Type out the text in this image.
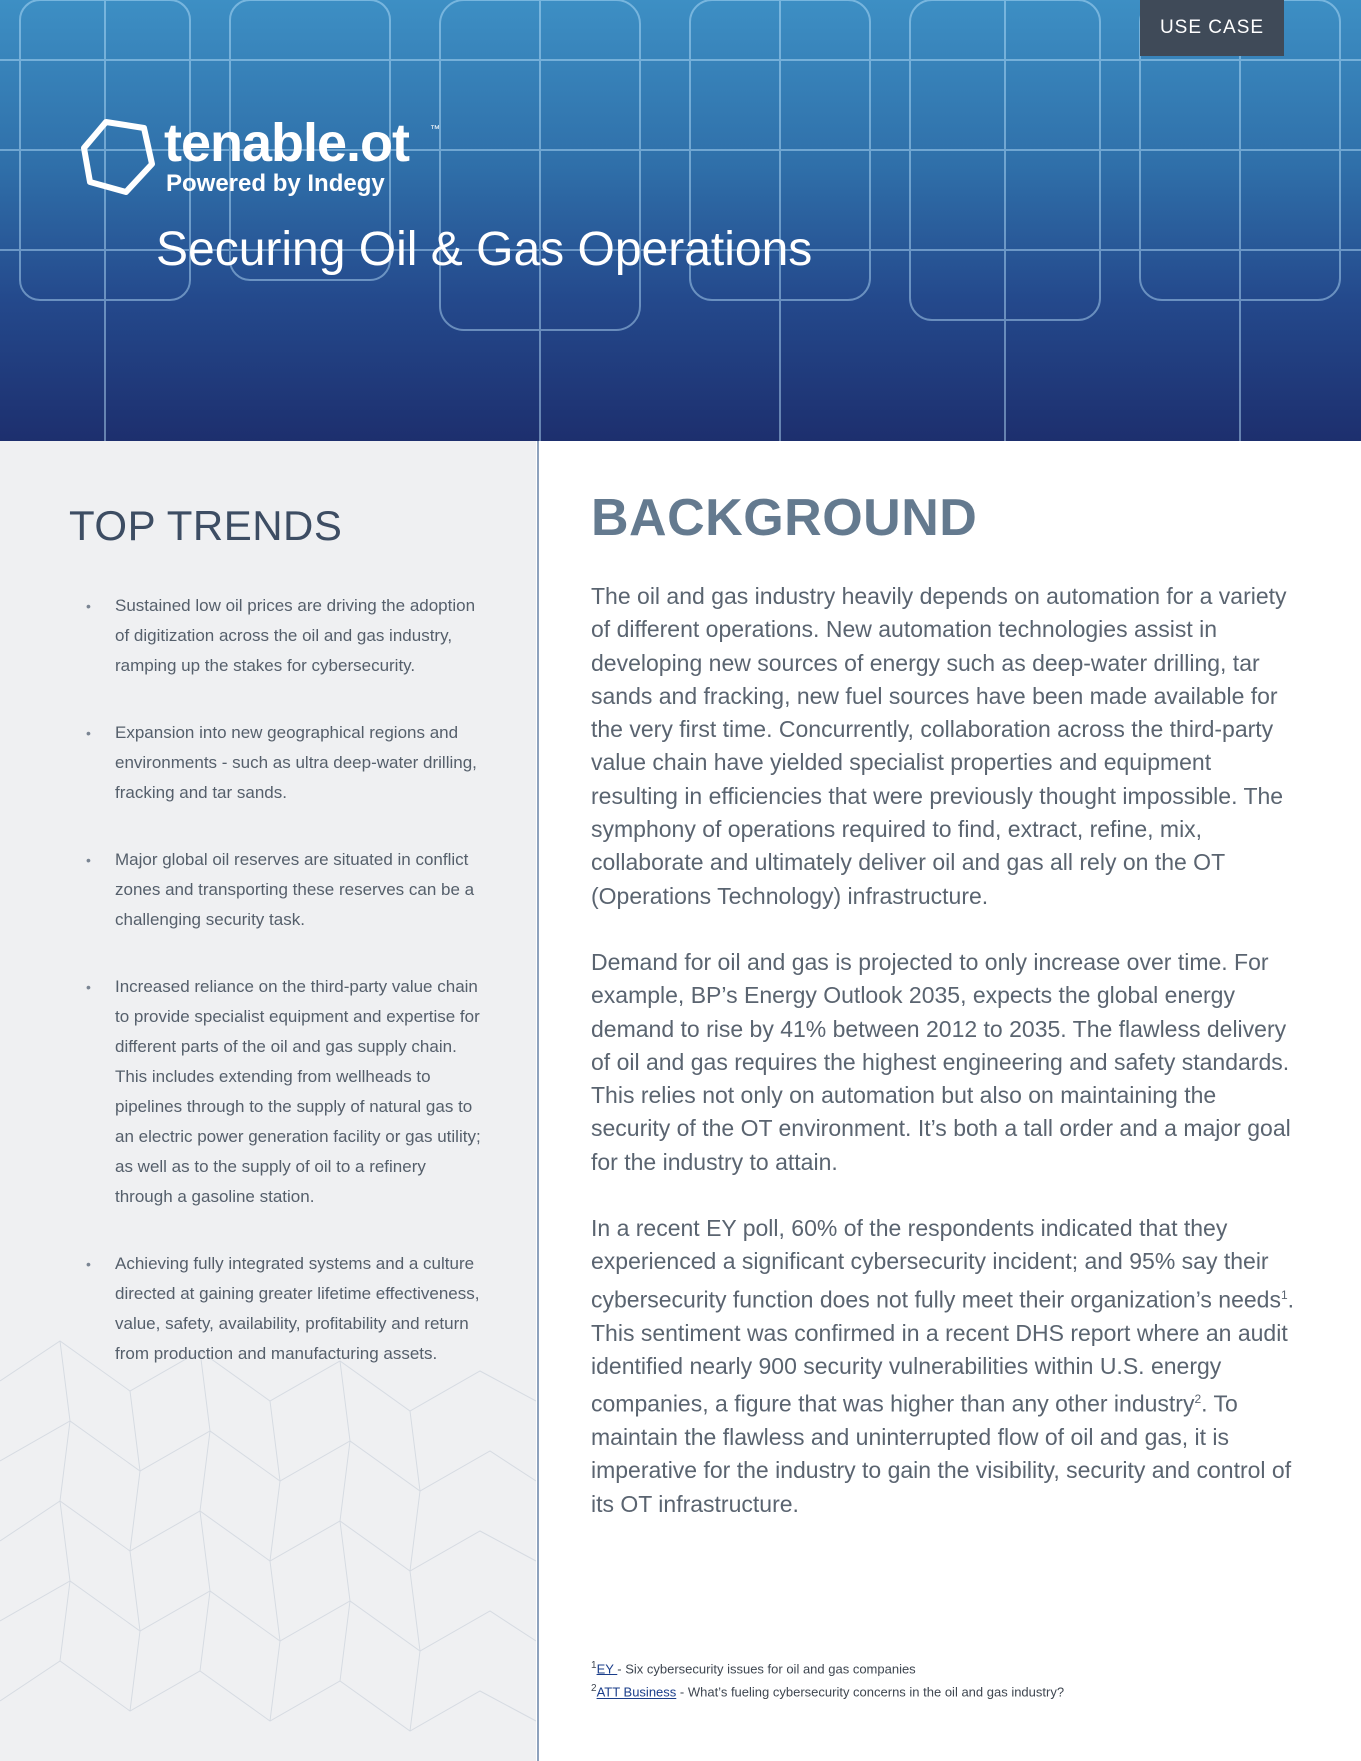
USE CASE
tenable.ot ™
Powered by Indegy
Securing Oil & Gas Operations
TOP TRENDS
• Sustained low oil prices are driving the adoption of digitization across the oil and gas industry, ramping up the stakes for cybersecurity.
• Expansion into new geographical regions and environments - such as ultra deep-water drilling, fracking and tar sands.
• Major global oil reserves are situated in conflict zones and transporting these reserves can be a challenging security task.
• Increased reliance on the third-party value chain to provide specialist equipment and expertise for different parts of the oil and gas supply chain. This includes extending from wellheads to pipelines through to the supply of natural gas to an electric power generation facility or gas utility; as well as to the supply of oil to a refinery through a gasoline station.
• Achieving fully integrated systems and a culture directed at gaining greater lifetime effectiveness, value, safety, availability, profitability and return from production and manufacturing assets.
BACKGROUND

The oil and gas industry heavily depends on automation for a variety of different operations. New automation technologies assist in developing new sources of energy such as deep-water drilling, tar sands and fracking, new fuel sources have been made available for the very first time. Concurrently, collaboration across the third-party value chain have yielded specialist properties and equipment resulting in efficiencies that were previously thought impossible. The symphony of operations required to find, extract, refine, mix, collaborate and ultimately deliver oil and gas all rely on the OT (Operations Technology) infrastructure.

Demand for oil and gas is projected to only increase over time. For example, BP’s Energy Outlook 2035, expects the global energy demand to rise by 41% between 2012 to 2035. The flawless delivery of oil and gas requires the highest engineering and safety standards. This relies not only on automation but also on maintaining the security of the OT environment. It’s both a tall order and a major goal for the industry to attain.

In a recent EY poll, 60% of the respondents indicated that they experienced a significant cybersecurity incident; and 95% say their cybersecurity function does not fully meet their organization’s needs$^1$. This sentiment was confirmed in a recent DHS report where an audit identified nearly 900 security vulnerabilities within U.S. energy companies, a figure that was higher than any other industry$^2$. To maintain the flawless and uninterrupted flow of oil and gas, it is imperative for the industry to gain the visibility, security and control of its OT infrastructure.

$^1$EY - Six cybersecurity issues for oil and gas companies
$^2$ATT Business - What’s fueling cybersecurity concerns in the oil and gas industry?
